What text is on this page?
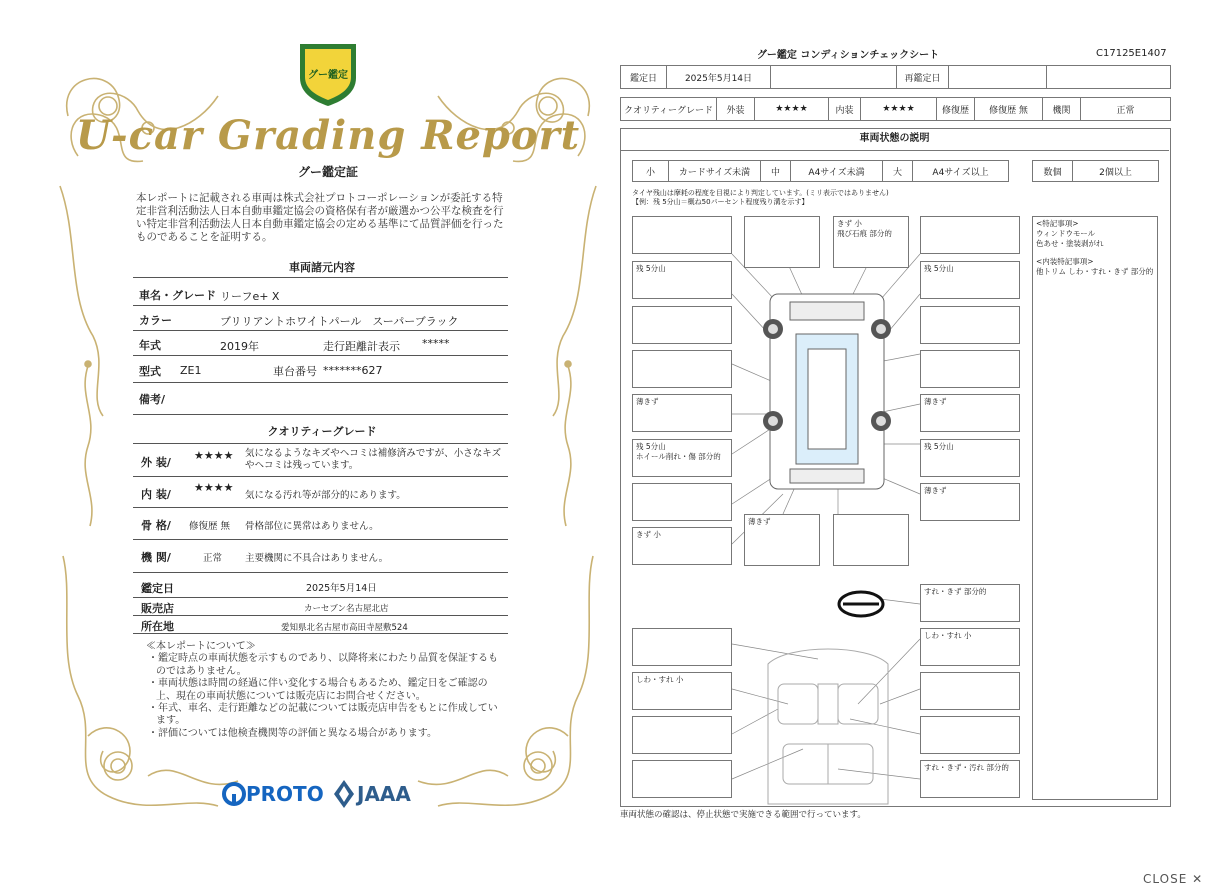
グー鑑定
U-car Grading Report
グー鑑定証
本レポートに記載される車両は株式会社プロトコーポレーションが委託する特定非営利活動法人日本自動車鑑定協会の資格保有者が厳選かつ公平な検査を行い特定非営利活動法人日本自動車鑑定協会の定める基準にて品質評価を行ったものであることを証明する。
車両諸元内容
車名・グレード リーフe+ X
カラー	ブリリアントホワイトパール　スーパーブラック
年式	2019年	走行距離計表示 *****
型式 ZE1	車台番号 *******627
備考/
クオリティーグレード
外 装/
★★★★ 気になるようなキズやヘコミは補修済みですが、小さなキズやヘコミは残っています。
内 装/
★★★★
気になる汚れ等が部分的にあります。
骨 格/ 修復歴 無 骨格部位に異常はありません。
機 関/	正常 主要機関に不具合はありません。
鑑定日	2025年5月14日
販売店	カーセブン名古屋北店
所在地	愛知県北名古屋市高田寺屋敷524
≪本レポートについて≫
・鑑定時点の車両状態を示すものであり、以降将来にわたり品質を保証するものではありません。
・車両状態は時間の経過に伴い変化する場合もあるため、鑑定日をご確認の上、現在の車両状態については販売店にお問合せください。
・年式、車名、走行距離などの記載については販売店申告をもとに作成しています。
・評価については他検査機関等の評価と異なる場合があります。
PROTO JAAA
グー鑑定 コンディションチェックシート	C17125E1407
鑑定日	2025年5月14日		再鑑定日		
クオリティーグレード	外装	★★★★	内装	★★★★	修復歴	修復歴 無	機関	正常
車両状態の説明
小	カードサイズ未満	中	A4サイズ未満	大	A4サイズ以上	数個	2個以上
タイヤ残山は摩耗の程度を目視により判定しています。(ミリ表示ではありません)
【例：残 5分山＝概ね50パーセント程度残り溝を示す】
残 5分山
薄きず
残 5分山
ホイール削れ・傷 部分的
きず 小
きず 小
飛び石痕 部分的
残 5分山
薄きず
残 5分山
薄きず
薄きず
すれ・きず 部分的
しわ・すれ 小
しわ・すれ 小
すれ・きず・汚れ 部分的
<特記事項>
ウィンドウモール
色あせ・塗装剥がれ
<内装特記事項>
他トリム しわ・すれ・きず 部分的
車両状態の確認は、停止状態で実施できる範囲で行っています。
CLOSE ✕
